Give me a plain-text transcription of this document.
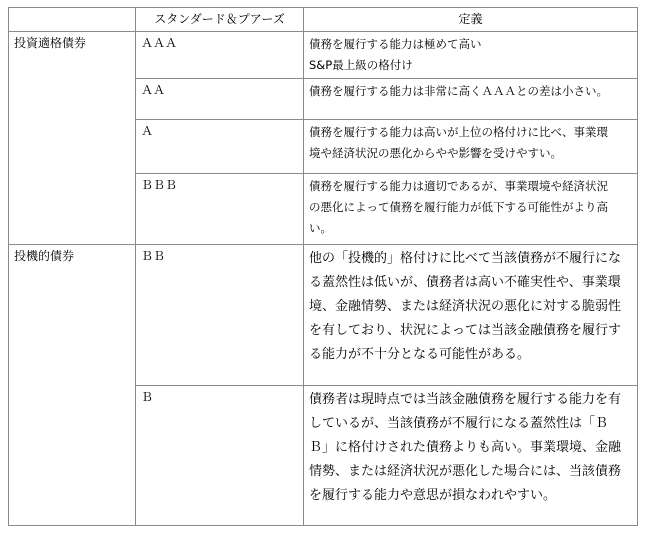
	スタンダード＆プアーズ	定義
投資適格債券	ＡＡＡ	債務を履行する能力は極めて高い
S&P最上級の格付け

	ＡＡ	債務を履行する能力は非常に高くＡＡＡとの差は小さい。

	Ａ	債務を履行する能力は高いが上位の格付けに比べ、事業環
境や経済状況の悪化からやや影響を受けやすい。

	ＢＢＢ	債務を履行する能力は適切であるが、事業環境や経済状況
の悪化によって債務を履行能力が低下する可能性がより高
い。

投機的債券	ＢＢ	他の「投機的」格付けに比べて当該債務が不履行にな
る蓋然性は低いが、債務者は高い不確実性や、事業環
境、金融情勢、または経済状況の悪化に対する脆弱性
を有しており、状況によっては当該金融債務を履行す
る能力が不十分となる可能性がある。

	Ｂ	債務者は現時点では当該金融債務を履行する能力を有
しているが、当該債務が不履行になる蓋然性は「Ｂ
Ｂ」に格付けされた債務よりも高い。事業環境、金融
情勢、または経済状況が悪化した場合には、当該債務
を履行する能力や意思が損なわれやすい。
